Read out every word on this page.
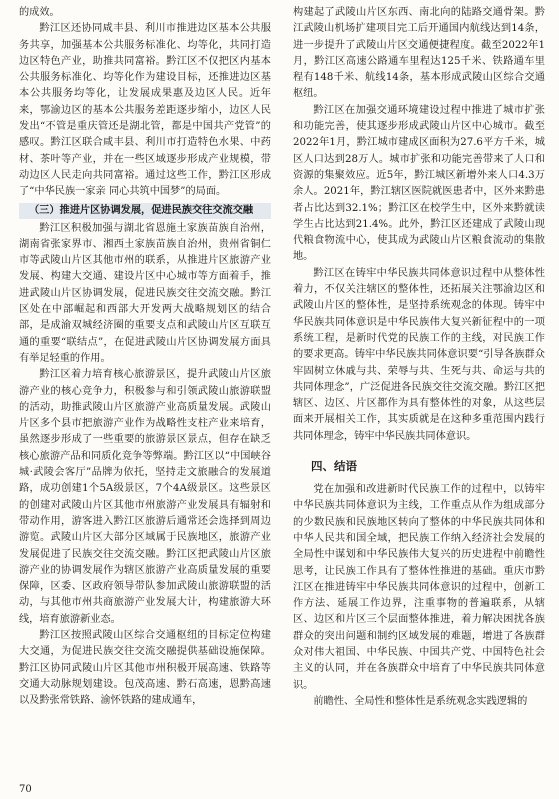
的成效。

黔江区还协同咸丰县、利川市推进边区基本公共服务共享，加强基本公共服务标准化、均等化，共同打造边区特色产业，助推共同富裕。黔江区不仅把区内基本公共服务标准化、均等化作为建设目标，还推进边区基本公共服务均等化，让发展成果惠及边区人民。近年来，鄂渝边区的基本公共服务差距逐步缩小，边区人民发出“不管是重庆管还是湖北管，都是中国共产党管”的感叹。黔江区联合咸丰县、利川市打造特色水果、中药材、茶叶等产业，并在一些区域逐步形成产业规模，带动边区人民走向共同富裕。通过这些工作，黔江区形成了“中华民族一家亲 同心共筑中国梦”的局面。

（三）推进片区协调发展，促进民族交往交流交融

黔江区积极加强与湖北省恩施土家族苗族自治州，湖南省张家界市、湘西土家族苗族自治州，贵州省铜仁市等武陵山片区其他市州的联系，从推进片区旅游产业发展、构建大交通、建设片区中心城市等方面着手，推进武陵山片区协调发展，促进民族交往交流交融。黔江区处在中部崛起和西部大开发两大战略规划区的结合部，是成渝双城经济圈的重要支点和武陵山片区互联互通的重要“联结点”，在促进武陵山片区协调发展方面具有举足轻重的作用。

黔江区着力培育核心旅游景区，提升武陵山片区旅游产业的核心竞争力，积极参与和引领武陵山旅游联盟的活动，助推武陵山片区旅游产业高质量发展。武陵山片区多个县市把旅游产业作为战略性支柱产业来培育，虽然逐步形成了一些重要的旅游景区景点，但存在缺乏核心旅游产品和同质化竞争等弊端。黔江区以“中国峡谷城·武陵会客厅”品牌为依托，坚持走文旅融合的发展道路，成功创建1个5A级景区，7个4A级景区。这些景区的创建对武陵山片区其他市州旅游产业发展具有辐射和带动作用，游客进入黔江区旅游后通常还会选择到周边游览。武陵山片区大部分区域属于民族地区，旅游产业发展促进了民族交往交流交融。黔江区把武陵山片区旅游产业的协调发展作为辖区旅游产业高质量发展的重要保障，区委、区政府领导带队参加武陵山旅游联盟的活动，与其他市州共商旅游产业发展大计，构建旅游大环线，培育旅游新业态。

黔江区按照武陵山区综合交通枢纽的目标定位构建大交通，为促进民族交往交流交融提供基础设施保障。黔江区协同武陵山片区其他市州积极开展高速、铁路等交通大动脉规划建设。包茂高速、黔石高速，恩黔高速以及黔张常铁路、渝怀铁路的建成通车，

构建起了武陵山片区东西、南北向的陆路交通骨架。黔江武陵山机场扩建项目完工后开通国内航线达到14条，进一步提升了武陵山片区交通便捷程度。截至2022年1月，黔江区高速公路通车里程达125千米、铁路通车里程有148千米、航线14条，基本形成武陵山区综合交通枢纽。

黔江区在加强交通环境建设过程中推进了城市扩张和功能完善，使其逐步形成武陵山片区中心城市。截至2022年1月，黔江城市建成区面积为27.6平方千米，城区人口达到28万人。城市扩张和功能完善带来了人口和资源的集聚效应。近5年，黔江城区新增外来人口4.3万余人。2021年，黔江辖区医院就医患者中，区外来黔患者占比达到32.1%；黔江区在校学生中，区外来黔就读学生占比达到21.4%。此外，黔江区还建成了武陵山现代粮食物流中心，使其成为武陵山片区粮食流动的集散地。

黔江区在铸牢中华民族共同体意识过程中从整体性着力，不仅关注辖区的整体性，还拓展关注鄂渝边区和武陵山片区的整体性，是坚持系统观念的体现。铸牢中华民族共同体意识是中华民族伟大复兴新征程中的一项系统工程，是新时代党的民族工作的主线，对民族工作的要求更高。铸牢中华民族共同体意识要“引导各族群众牢固树立休戚与共、荣辱与共、生死与共、命运与共的共同体理念”，广泛促进各民族交往交流交融。黔江区把辖区、边区、片区都作为具有整体性的对象，从这些层面来开展相关工作，其实质就是在这种多重范围内践行共同体理念，铸牢中华民族共同体意识。

四、结语

党在加强和改进新时代民族工作的过程中，以铸牢中华民族共同体意识为主线，工作重点从作为组成部分的少数民族和民族地区转向了整体的中华民族共同体和中华人民共和国全域，把民族工作纳入经济社会发展的全局性中谋划和中华民族伟大复兴的历史进程中前瞻性思考，让民族工作具有了整体性推进的基础。重庆市黔江区在推进铸牢中华民族共同体意识的过程中，创新工作方法、延展工作边界，注重事物的普遍联系，从辖区、边区和片区三个层面整体推进，着力解决困扰各族群众的突出问题和制约区域发展的难题，增进了各族群众对伟大祖国、中华民族、中国共产党、中国特色社会主义的认同，并在各族群众中培育了中华民族共同体意识。

前瞻性、全局性和整体性是系统观念实践逻辑的

70
